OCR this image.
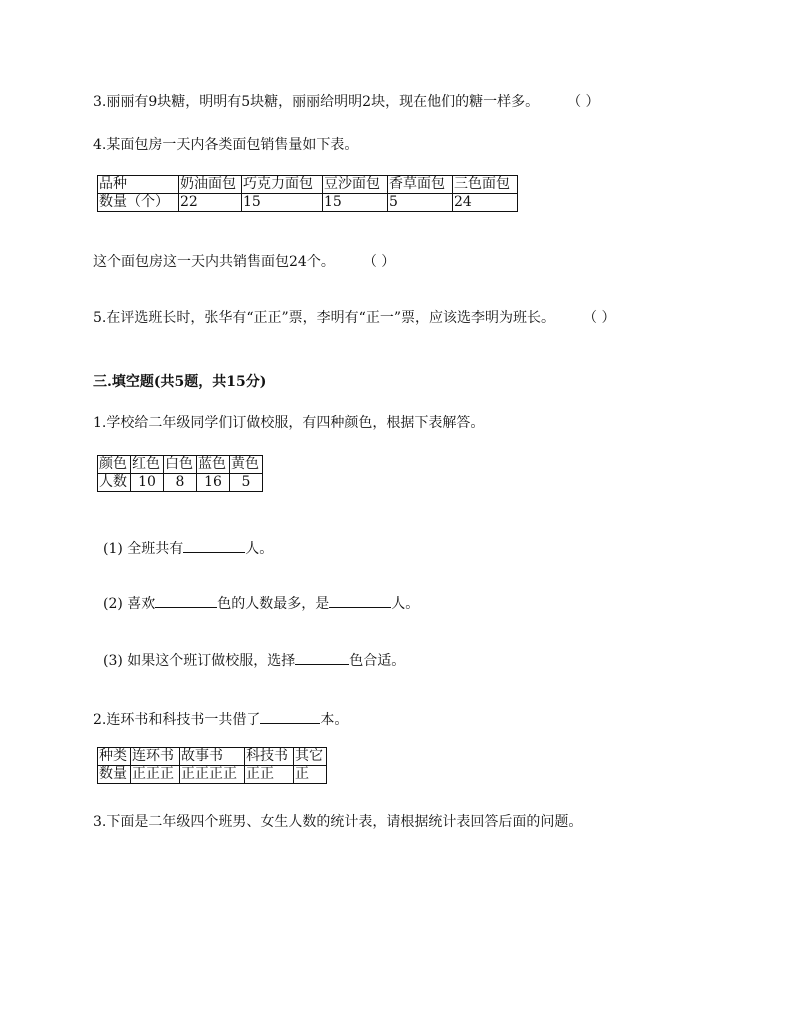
3.丽丽有9块糖，明明有5块糖，丽丽给明明2块，现在他们的糖一样多。 （ ）
4.某面包房一天内各类面包销售量如下表。
品种	奶油面包	巧克力面包	豆沙面包	香草面包	三色面包
数量（个）	22	15	15	5	24
这个面包房这一天内共销售面包24个。 （ ）
5.在评选班长时，张华有“正正”票，李明有“正一”票，应该选李明为班长。 （ ）
三.填空题(共5题，共15分)
1.学校给二年级同学们订做校服，有四种颜色，根据下表解答。
颜色	红色	白色	蓝色	黄色
人数	10	8	16	5
(1) 全班共有	人。
(2) 喜欢	色的人数最多，是	人。
(3) 如果这个班订做校服，选择	色合适。
2.连环书和科技书一共借了	本。
种类	连环书	故事书	科技书	其它
数量	正正正	正正正正	正正	正
3.下面是二年级四个班男、女生人数的统计表，请根据统计表回答后面的问题。
